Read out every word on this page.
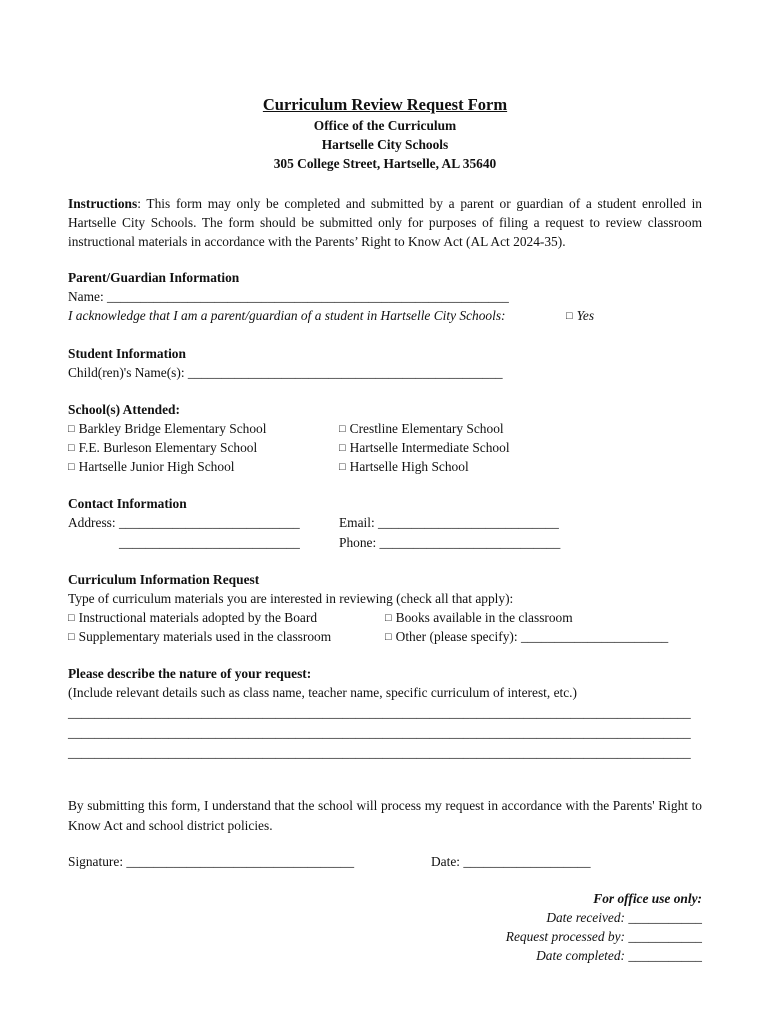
Curriculum Review Request Form
Office of the Curriculum
Hartselle City Schools
305 College Street, Hartselle, AL 35640
Instructions: This form may only be completed and submitted by a parent or guardian of a student enrolled in Hartselle City Schools. The form should be submitted only for purposes of filing a request to review classroom instructional materials in accordance with the Parents’ Right to Know Act (AL Act 2024-35).
Parent/Guardian Information
Name: ____________________________________________________________
I acknowledge that I am a parent/guardian of a student in Hartselle City Schools:	□ Yes
Student Information
Child(ren)'s Name(s): _______________________________________________
School(s) Attended:
□ Barkley Bridge Elementary School
□ F.E. Burleson Elementary School
□ Hartselle Junior High School
□ Crestline Elementary School
□ Hartselle Intermediate School
□ Hartselle High School
Contact Information
Address: ___________________________
___________________________
Email: ___________________________
Phone: ___________________________
Curriculum Information Request
Type of curriculum materials you are interested in reviewing (check all that apply):
□ Instructional materials adopted by the Board	□ Books available in the classroom
□ Supplementary materials used in the classroom	□ Other (please specify): ______________________
Please describe the nature of your request:
(Include relevant details such as class name, teacher name, specific curriculum of interest, etc.)
_____________________________________________________________________________________________
_____________________________________________________________________________________________
_____________________________________________________________________________________________
By submitting this form, I understand that the school will process my request in accordance with the Parents' Right to Know Act and school district policies.
Signature: __________________________________	Date: ___________________
For office use only:
Date received: ___________
Request processed by: ___________
Date completed: ___________
